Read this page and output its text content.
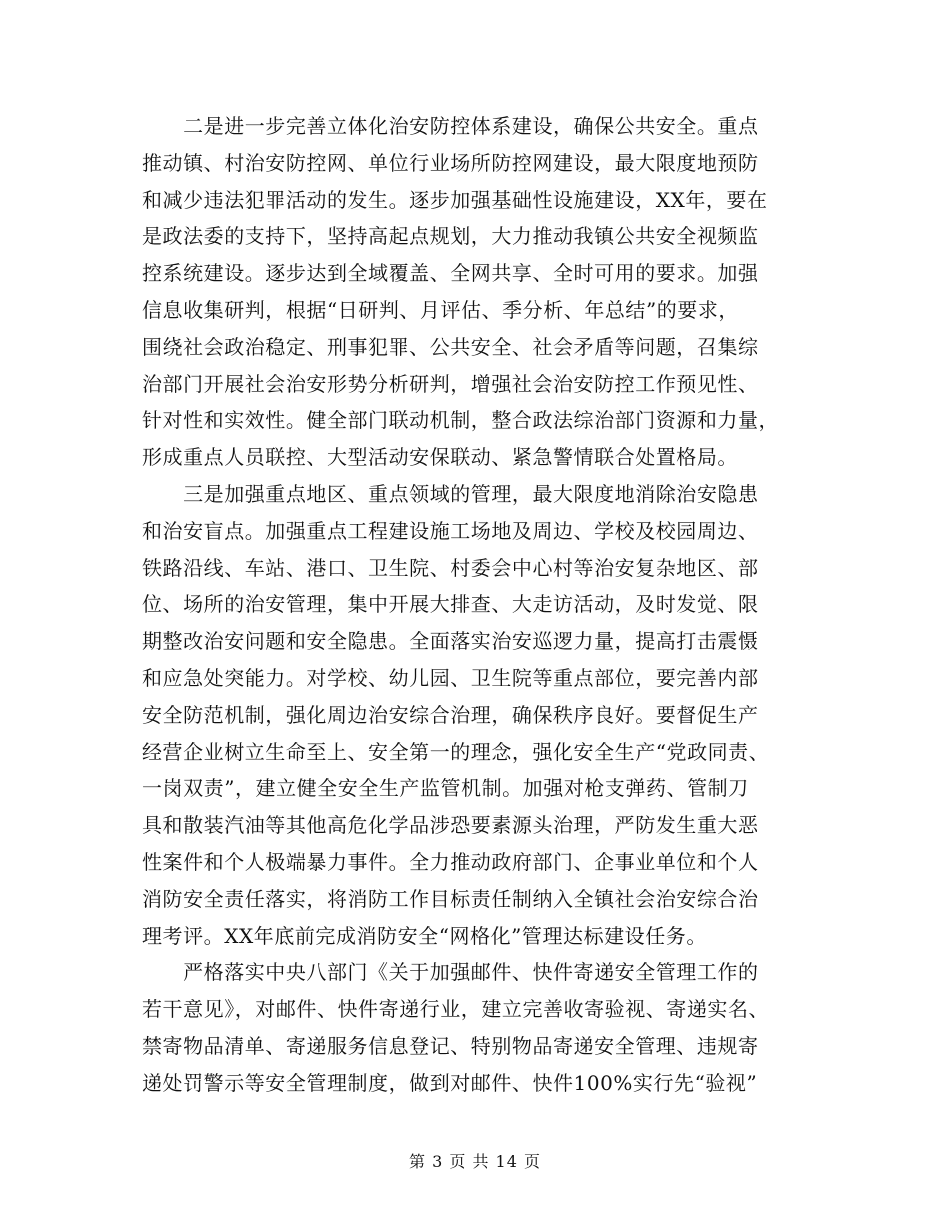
　　二是进一步完善立体化治安防控体系建设，确保公共安全。重点
推动镇、村治安防控网、单位行业场所防控网建设，最大限度地预防
和减少违法犯罪活动的发生。逐步加强基础性设施建设，XX年，要在
是政法委的支持下，坚持高起点规划，大力推动我镇公共安全视频监
控系统建设。逐步达到全域覆盖、全网共享、全时可用的要求。加强
信息收集研判，根据“日研判、月评估、季分析、年总结”的要求，
围绕社会政治稳定、刑事犯罪、公共安全、社会矛盾等问题，召集综
治部门开展社会治安形势分析研判，增强社会治安防控工作预见性、
针对性和实效性。健全部门联动机制，整合政法综治部门资源和力量，
形成重点人员联控、大型活动安保联动、紧急警情联合处置格局。
　　三是加强重点地区、重点领域的管理，最大限度地消除治安隐患
和治安盲点。加强重点工程建设施工场地及周边、学校及校园周边、
铁路沿线、车站、港口、卫生院、村委会中心村等治安复杂地区、部
位、场所的治安管理，集中开展大排查、大走访活动，及时发觉、限
期整改治安问题和安全隐患。全面落实治安巡逻力量，提高打击震慑
和应急处突能力。对学校、幼儿园、卫生院等重点部位，要完善内部
安全防范机制，强化周边治安综合治理，确保秩序良好。要督促生产
经营企业树立生命至上、安全第一的理念，强化安全生产“党政同责、
一岗双责”，建立健全安全生产监管机制。加强对枪支弹药、管制刀
具和散装汽油等其他高危化学品涉恐要素源头治理，严防发生重大恶
性案件和个人极端暴力事件。全力推动政府部门、企事业单位和个人
消防安全责任落实，将消防工作目标责任制纳入全镇社会治安综合治
理考评。XX年底前完成消防安全“网格化”管理达标建设任务。
　　严格落实中央八部门《关于加强邮件、快件寄递安全管理工作的
若干意见》，对邮件、快件寄递行业，建立完善收寄验视、寄递实名、
禁寄物品清单、寄递服务信息登记、特别物品寄递安全管理、违规寄
递处罚警示等安全管理制度，做到对邮件、快件100%实行先“验视”
第 3 页 共 14 页
